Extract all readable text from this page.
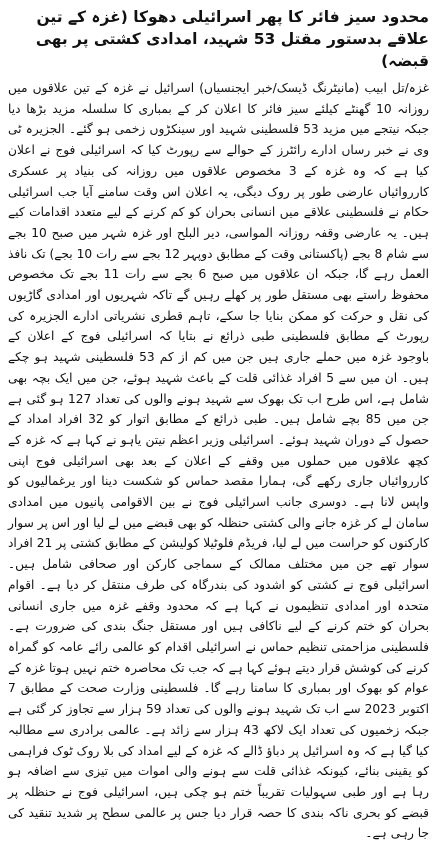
محدود سیز فائر کا پھر اسرائیلی دھوکا (غزہ کے تین علاقے بدستور مقتل 53 شہید، امدادی کشتی پر بھی قبضہ)

غزہ/تل ابیب (مانیٹرنگ ڈیسک/خبر ایجنسیاں) اسرائیل نے غزہ کے تین علاقوں میں روزانہ 10 گھنٹے کیلئے سیز فائر کا اعلان کر کے بمباری کا سلسلہ مزید بڑھا دیا جبکہ نیتجے میں مزید 53 فلسطینی شہید اور سینکڑوں زخمی ہو گئے۔ الجزیرہ ٹی وی نے خبر رساں ادارے رائٹرز کے حوالے سے رپورٹ کیا کہ اسرائیلی فوج نے اعلان کیا ہے کہ وہ غزہ کے 3 مخصوص علاقوں میں روزانہ کی بنیاد پر عسکری کارروائیاں عارضی طور پر روک دیگی، یہ اعلان اس وقت سامنے آیا جب اسرائیلی حکام نے فلسطینی علاقے میں انسانی بحران کو کم کرنے کے لیے متعدد اقدامات کیے ہیں۔ یہ عارضی وقفہ روزانہ المواسی، دیر البلح اور غزہ شہر میں صبح 10 بجے سے شام 8 بجے (پاکستانی وقت کے مطابق دوپہر 12 بجے سے رات 10 بجے) تک نافذ العمل رہے گا، جبکہ ان علاقوں میں صبح 6 بجے سے رات 11 بجے تک مخصوص محفوظ راستے بھی مستقل طور پر کھلے رہیں گے تاکہ شہریوں اور امدادی گاڑیوں کی نقل و حرکت کو ممکن بنایا جا سکے، تاہم قطری نشریاتی ادارے الجزیرہ کی رپورٹ کے مطابق فلسطینی طبی ذرائع نے بتایا کہ اسرائیلی فوج کے اعلان کے باوجود غزہ میں حملے جاری ہیں جن میں کم از کم 53 فلسطینی شہید ہو چکے ہیں۔ ان میں سے 5 افراد غذائی قلت کے باعث شہید ہوئے، جن میں ایک بچہ بھی شامل ہے، اس طرح اب تک بھوک سے شہید ہونے والوں کی تعداد 127 ہو گئی ہے جن میں 85 بچے شامل ہیں۔ طبی ذرائع کے مطابق اتوار کو 32 افراد امداد کے حصول کے دوران شہید ہوئے۔ اسرائیلی وزیر اعظم نیتن یاہو نے کہا ہے کہ غزہ کے کچھ علاقوں میں حملوں میں وقفے کے اعلان کے بعد بھی اسرائیلی فوج اپنی کارروائیاں جاری رکھے گی، ہمارا مقصد حماس کو شکست دینا اور یرغمالیوں کو واپس لانا ہے۔ دوسری جانب اسرائیلی فوج نے بین الاقوامی پانیوں میں امدادی سامان لے کر غزہ جانے والی کشتی حنظلہ کو بھی قبضے میں لے لیا اور اس پر سوار کارکنوں کو حراست میں لے لیا، فریڈم فلوٹیلا کولیشن کے مطابق کشتی پر 21 افراد سوار تھے جن میں مختلف ممالک کے سماجی کارکن اور صحافی شامل ہیں۔ اسرائیلی فوج نے کشتی کو اشدود کی بندرگاہ کی طرف منتقل کر دیا ہے۔ اقوام متحدہ اور امدادی تنظیموں نے کہا ہے کہ محدود وقفے غزہ میں جاری انسانی بحران کو ختم کرنے کے لیے ناکافی ہیں اور مستقل جنگ بندی کی ضرورت ہے۔ فلسطینی مزاحمتی تنظیم حماس نے اسرائیلی اقدام کو عالمی رائے عامہ کو گمراہ کرنے کی کوشش قرار دیتے ہوئے کہا ہے کہ جب تک محاصرہ ختم نہیں ہوتا غزہ کے عوام کو بھوک اور بمباری کا سامنا رہے گا۔ فلسطینی وزارت صحت کے مطابق 7 اکتوبر 2023 سے اب تک شہید ہونے والوں کی تعداد 59 ہزار سے تجاوز کر گئی ہے جبکہ زخمیوں کی تعداد ایک لاکھ 43 ہزار سے زائد ہے۔ عالمی برادری سے مطالبہ کیا گیا ہے کہ وہ اسرائیل پر دباؤ ڈالے کہ غزہ کے لیے امداد کی بلا روک ٹوک فراہمی کو یقینی بنائے، کیونکہ غذائی قلت سے ہونے والی اموات میں تیزی سے اضافہ ہو رہا ہے اور طبی سہولیات تقریباً ختم ہو چکی ہیں، اسرائیلی فوج نے حنظلہ پر قبضے کو بحری ناکہ بندی کا حصہ قرار دیا جس پر عالمی سطح پر شدید تنقید کی جا رہی ہے۔
